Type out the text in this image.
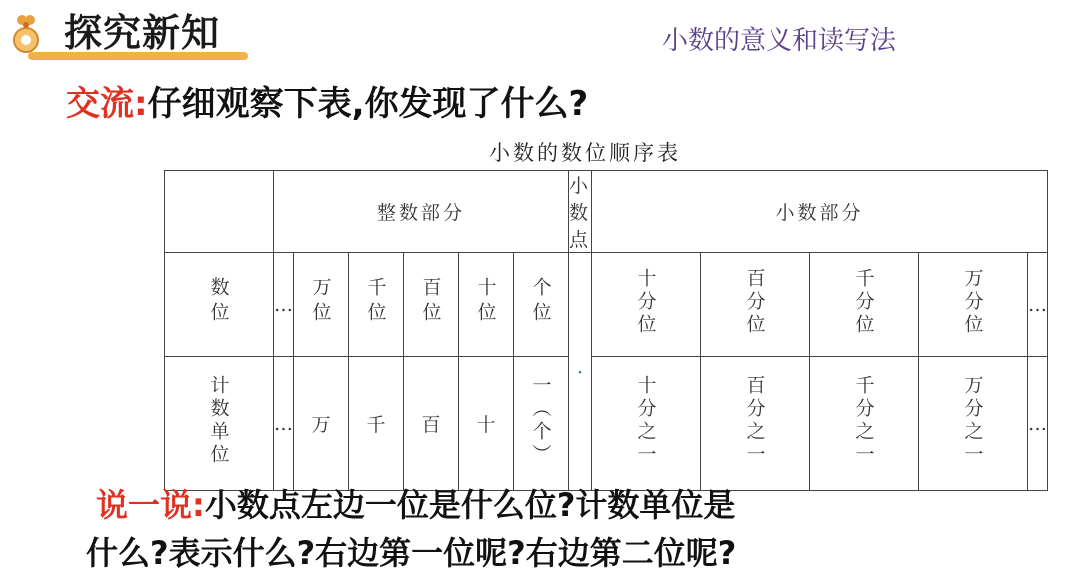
探究新知	小数的意义和读写法
交流:仔细观察下表,你发现了什么?
小数的数位顺序表
	整数部分						小数点	小数部分				
数位	…	万位	千位	百位	十位	个位	·	十分位	百分位	千分位	万分位	…
计数单位	…	万	千	百	十	一（个）		十分之一	百分之一	千分之一	万分之一	…
说一说:小数点左边一位是什么位?计数单位是
什么?表示什么?右边第一位呢?右边第二位呢?
